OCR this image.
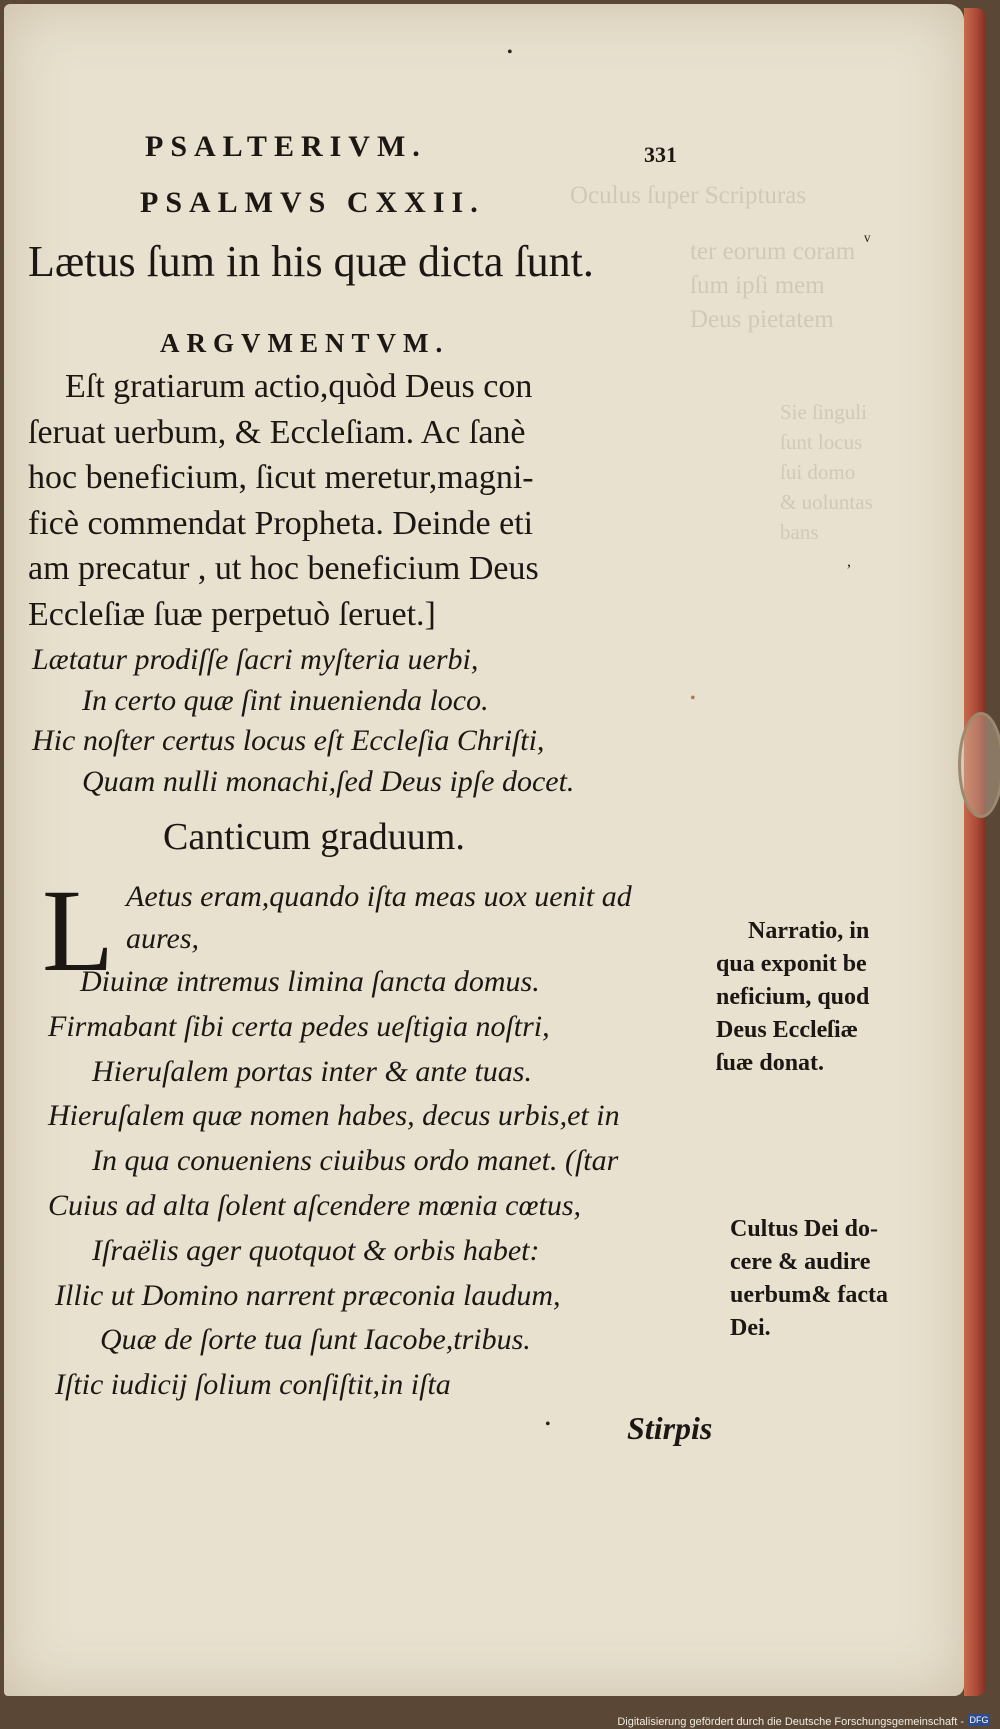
Oculus ſuper Scripturas
ter eorum coram
ſum ipſi mem
Deus pietatem
Sie ſinguli
ſunt locus
ſui domo
& uoluntas
bans
•
ᵛ
,
•
PSALTERIVM.	331
PSALMVS CXXII.
Lætus ſum in his quæ dicta ſunt.
ARGVMENTVM.
Eſt gratiarum actio,quòd Deus con
ſeruat uerbum, & Eccleſiam. Ac ſanè
hoc beneficium, ſicut meretur,magni-
ficè commendat Propheta. Deinde eti
am precatur , ut hoc beneficium Deus
Eccleſiæ ſuæ perpetuò ſeruet.]
Lætatur prodiſſe ſacri myſteria uerbi,
In certo quæ ſint inuenienda loco.
Hic noſter certus locus eſt Eccleſia Chriſti,
Quam nulli monachi,ſed Deus ipſe docet.
Canticum graduum.
L Aetus eram,quando iſta meas uox uenit ad
aures,
Diuinæ intremus limina ſancta domus.
Firmabant ſibi certa pedes ueſtigia noſtri,
Hieruſalem portas inter & ante tuas.
Hieruſalem quæ nomen habes, decus urbis,et in
In qua conueniens ciuibus ordo manet. (ſtar
Cuius ad alta ſolent aſcendere mœnia cœtus,
Iſraëlis ager quotquot & orbis habet:
Illic ut Domino narrent præconia laudum,
Quæ de ſorte tua ſunt Iacobe,tribus.
Iſtic iudicij ſolium conſiſtit,in iſta
• Stirpis
Narratio, in
qua exponit be
neficium, quod
Deus Eccleſiæ
ſuæ donat.
Cultus Dei do-
cere & audire
uerbum& facta
Dei.
Digitalisierung gefördert durch die Deutsche Forschungsgemeinschaft - DFG
